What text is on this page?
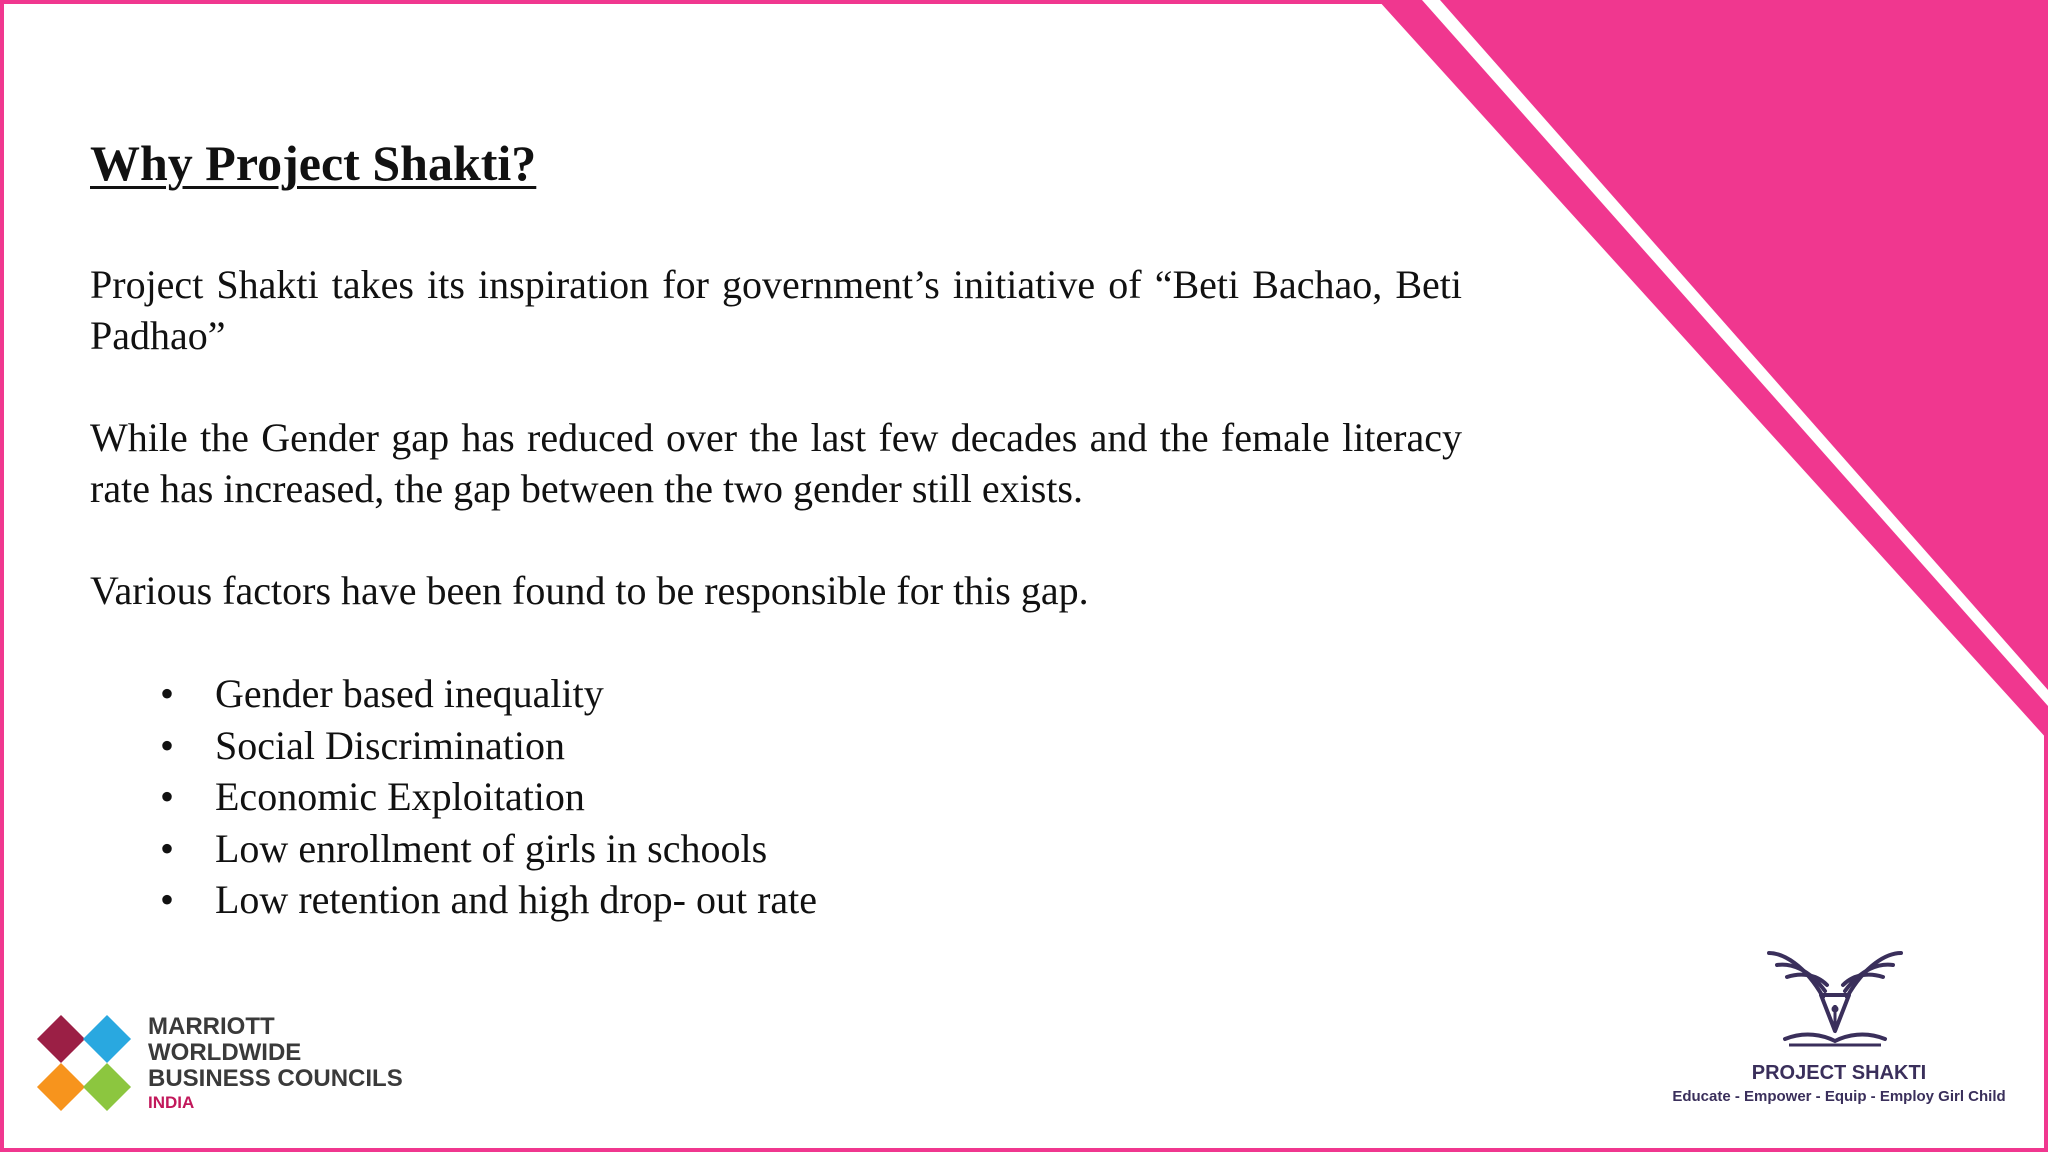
Why Project Shakti?

Project Shakti takes its inspiration for government’s initiative of “Beti Bachao, Beti Padhao”

While the Gender gap has reduced over the last few decades and the female literacy rate has increased, the gap between the two gender still exists.

Various factors have been found to be responsible for this gap.

• Gender based inequality
• Social Discrimination
• Economic Exploitation
• Low enrollment of girls in schools
• Low retention and high drop- out rate
MARRIOTT
WORLDWIDE
BUSINESS COUNCILS
INDIA
PROJECT SHAKTI
Educate - Empower - Equip - Employ Girl Child
